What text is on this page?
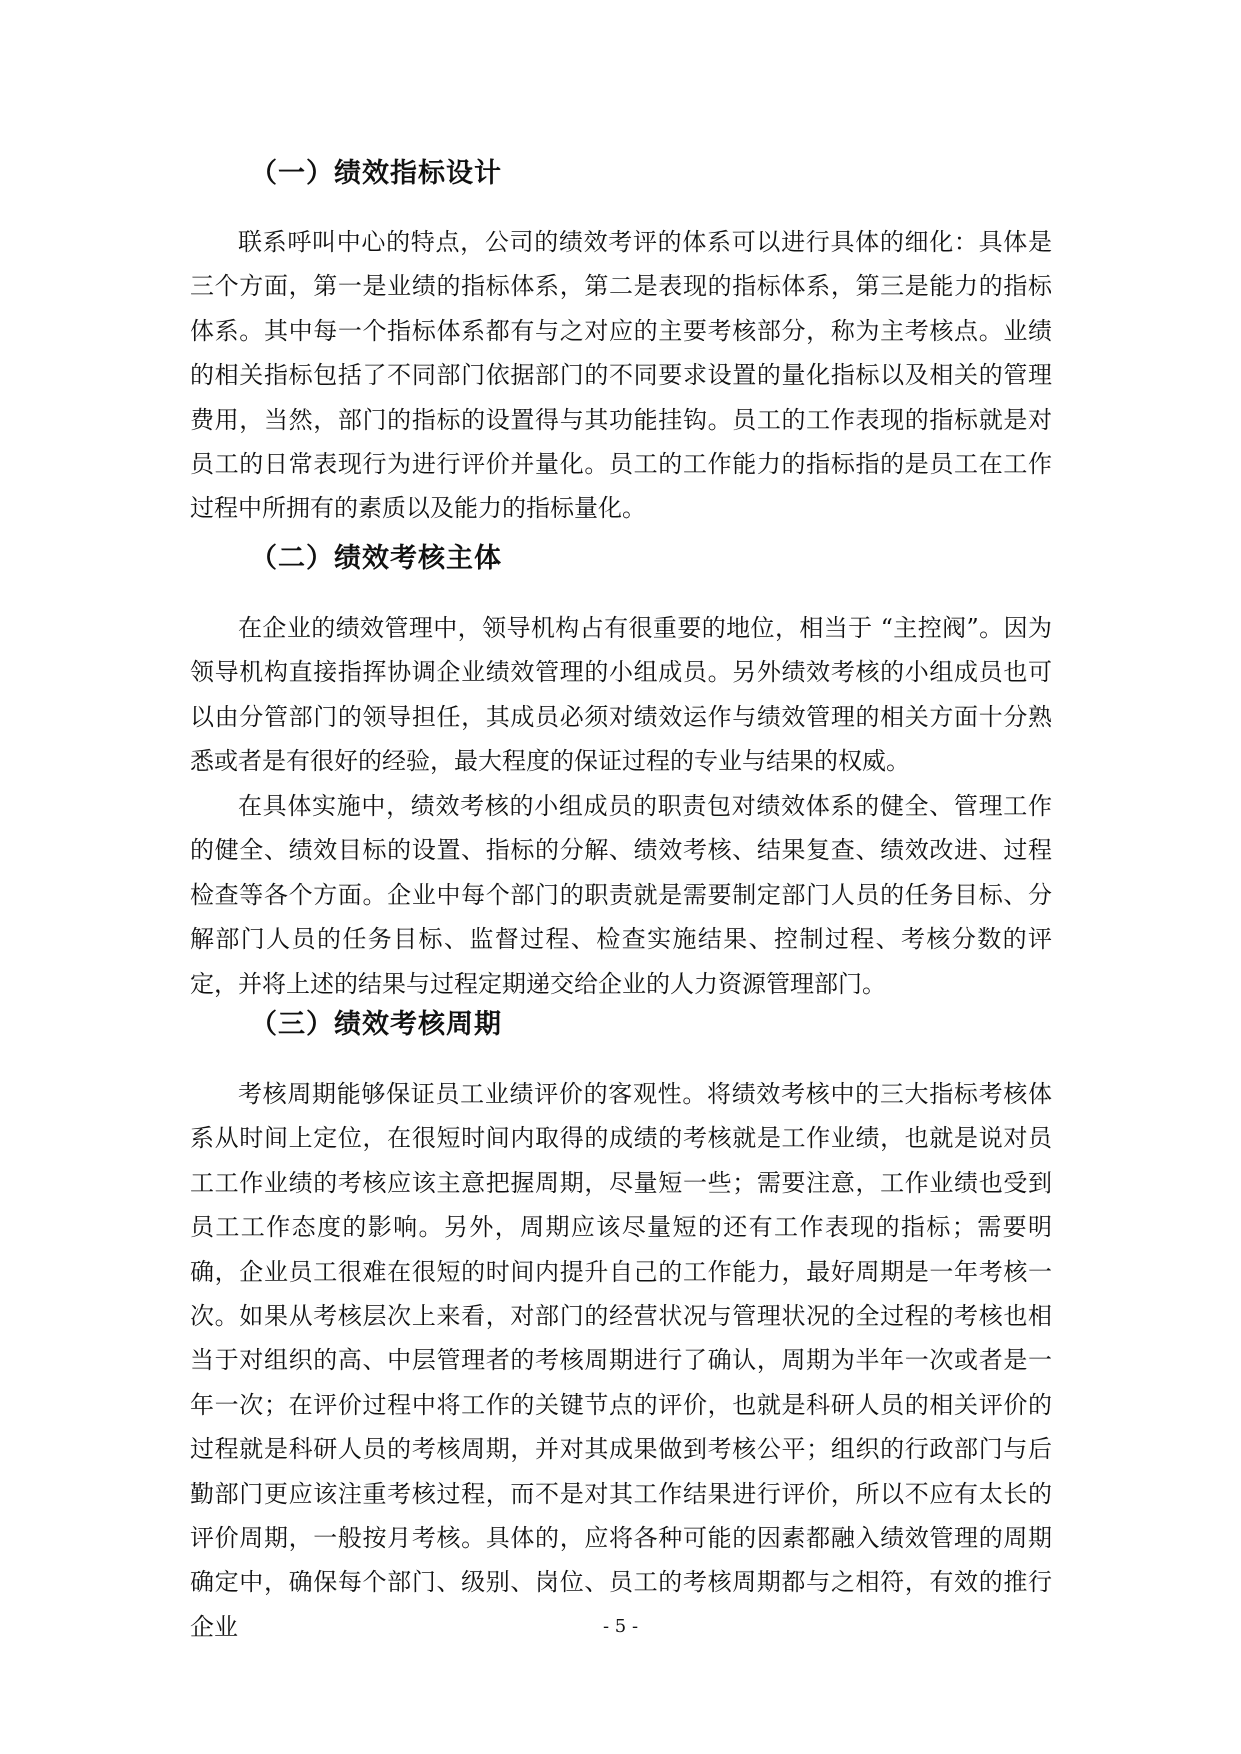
（一）绩效指标设计

联系呼叫中心的特点，公司的绩效考评的体系可以进行具体的细化：具体是三个方面，第一是业绩的指标体系，第二是表现的指标体系，第三是能力的指标体系。其中每一个指标体系都有与之对应的主要考核部分，称为主考核点。业绩的相关指标包括了不同部门依据部门的不同要求设置的量化指标以及相关的管理费用，当然，部门的指标的设置得与其功能挂钩。员工的工作表现的指标就是对员工的日常表现行为进行评价并量化。员工的工作能力的指标指的是员工在工作过程中所拥有的素质以及能力的指标量化。

（二）绩效考核主体

在企业的绩效管理中，领导机构占有很重要的地位，相当于 “主控阀”。因为领导机构直接指挥协调企业绩效管理的小组成员。另外绩效考核的小组成员也可以由分管部门的领导担任，其成员必须对绩效运作与绩效管理的相关方面十分熟悉或者是有很好的经验，最大程度的保证过程的专业与结果的权威。

在具体实施中，绩效考核的小组成员的职责包对绩效体系的健全、管理工作的健全、绩效目标的设置、指标的分解、绩效考核、结果复查、绩效改进、过程检查等各个方面。企业中每个部门的职责就是需要制定部门人员的任务目标、分解部门人员的任务目标、监督过程、检查实施结果、控制过程、考核分数的评定，并将上述的结果与过程定期递交给企业的人力资源管理部门。

（三）绩效考核周期

考核周期能够保证员工业绩评价的客观性。将绩效考核中的三大指标考核体系从时间上定位，在很短时间内取得的成绩的考核就是工作业绩，也就是说对员工工作业绩的考核应该主意把握周期，尽量短一些；需要注意，工作业绩也受到员工工作态度的影响。另外，周期应该尽量短的还有工作表现的指标；需要明确，企业员工很难在很短的时间内提升自己的工作能力，最好周期是一年考核一次。如果从考核层次上来看，对部门的经营状况与管理状况的全过程的考核也相当于对组织的高、中层管理者的考核周期进行了确认，周期为半年一次或者是一年一次；在评价过程中将工作的关键节点的评价，也就是科研人员的相关评价的过程就是科研人员的考核周期，并对其成果做到考核公平；组织的行政部门与后勤部门更应该注重考核过程，而不是对其工作结果进行评价，所以不应有太长的评价周期，一般按月考核。具体的，应将各种可能的因素都融入绩效管理的周期确定中，确保每个部门、级别、岗位、员工的考核周期都与之相符，有效的推行企业	- 5 -
